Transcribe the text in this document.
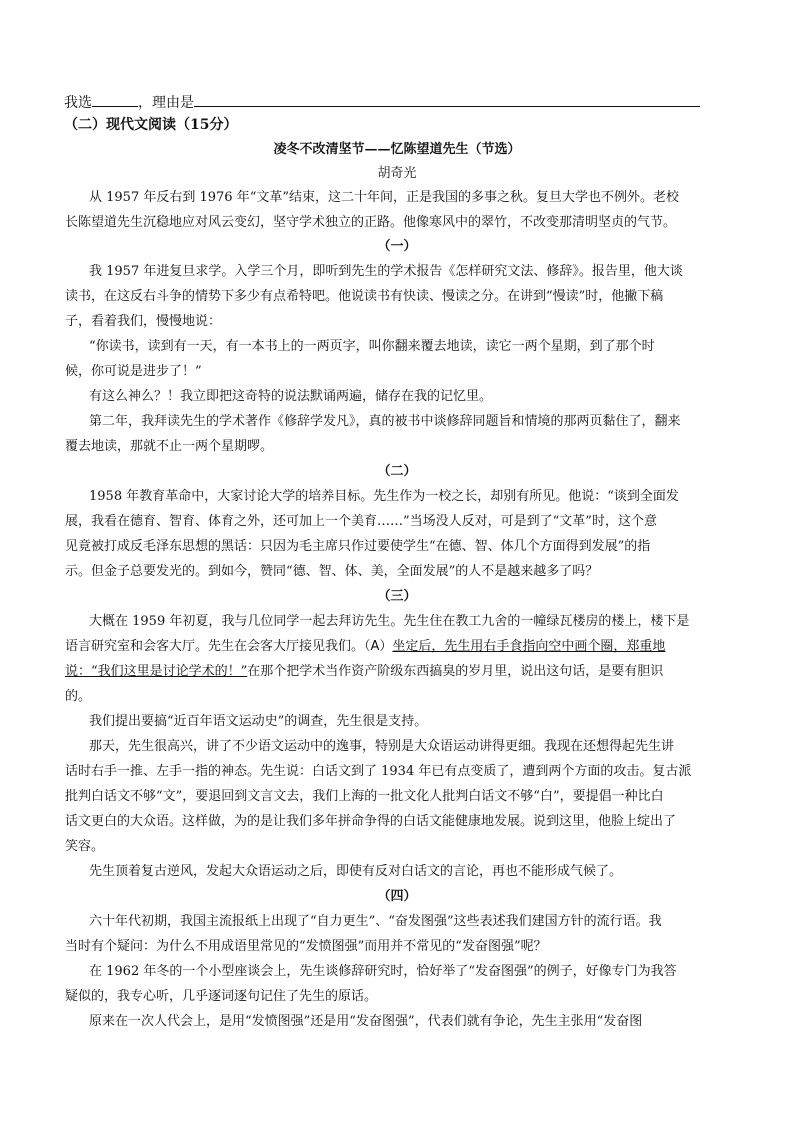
我选	，理由是
（二）现代文阅读（15分）
凌冬不改清坚节——忆陈望道先生（节选）
胡奇光
从 1957 年反右到 1976 年“文革”结束，这二十年间，正是我国的多事之秋。复旦大学也不例外。老校
长陈望道先生沉稳地应对风云变幻，坚守学术独立的正路。他像寒风中的翠竹，不改变那清明坚贞的气节。
（一）
我 1957 年进复旦求学。入学三个月，即听到先生的学术报告《怎样研究文法、修辞》。报告里，他大谈
读书，在这反右斗争的情势下多少有点希特吧。他说读书有快读、慢读之分。在讲到“慢读”时，他撇下稿
子，看着我们，慢慢地说：
“你读书，读到有一天，有一本书上的一两页字，叫你翻来覆去地读，读它一两个星期，到了那个时
候，你可说是进步了！”
有这么神么？！我立即把这奇特的说法默诵两遍，储存在我的记忆里。
第二年，我拜读先生的学术著作《修辞学发凡》，真的被书中谈修辞同题旨和情境的那两页黏住了，翻来
覆去地读，那就不止一两个星期啰。
（二）
1958 年教育革命中，大家讨论大学的培养目标。先生作为一校之长，却别有所见。他说：“谈到全面发
展，我看在德育、智育、体育之外，还可加上一个美育……”当场没人反对，可是到了“文革”时，这个意
见竟被打成反毛泽东思想的黑话：只因为毛主席只作过要使学生“在德、智、体几个方面得到发展”的指
示。但金子总要发光的。到如今，赞同“德、智、体、美，全面发展”的人不是越来越多了吗？
（三）
大概在 1959 年初夏，我与几位同学一起去拜访先生。先生住在教工九舍的一幢绿瓦楼房的楼上，楼下是
语言研究室和会客大厅。先生在会客大厅接见我们。（A）坐定后，先生用右手食指向空中画个圈，郑重地
说：“我们这里是讨论学术的！”在那个把学术当作资产阶级东西搞臭的岁月里，说出这句话，是要有胆识
的。
我们提出要搞“近百年语文运动史”的调查，先生很是支持。
那天，先生很高兴，讲了不少语文运动中的逸事，特别是大众语运动讲得更细。我现在还想得起先生讲
话时右手一推、左手一指的神态。先生说：白话文到了 1934 年已有点变质了，遭到两个方面的攻击。复古派
批判白话文不够“文”，要退回到文言文去，我们上海的一批文化人批判白话文不够“白”，要提倡一种比白
话文更白的大众语。这样做，为的是让我们多年拼命争得的白话文能健康地发展。说到这里，他脸上绽出了
笑容。
先生顶着复古逆风，发起大众语运动之后，即使有反对白话文的言论，再也不能形成气候了。
（四）
六十年代初期，我国主流报纸上出现了“自力更生”、“奋发图强”这些表述我们建国方针的流行语。我
当时有个疑问：为什么不用成语里常见的“发愤图强”而用并不常见的“发奋图强”呢？
在 1962 年冬的一个小型座谈会上，先生谈修辞研究时，恰好举了“发奋图强”的例子，好像专门为我答
疑似的，我专心听，几乎逐词逐句记住了先生的原话。
原来在一次人代会上，是用“发愤图强”还是用“发奋图强”，代表们就有争论，先生主张用“发奋图
